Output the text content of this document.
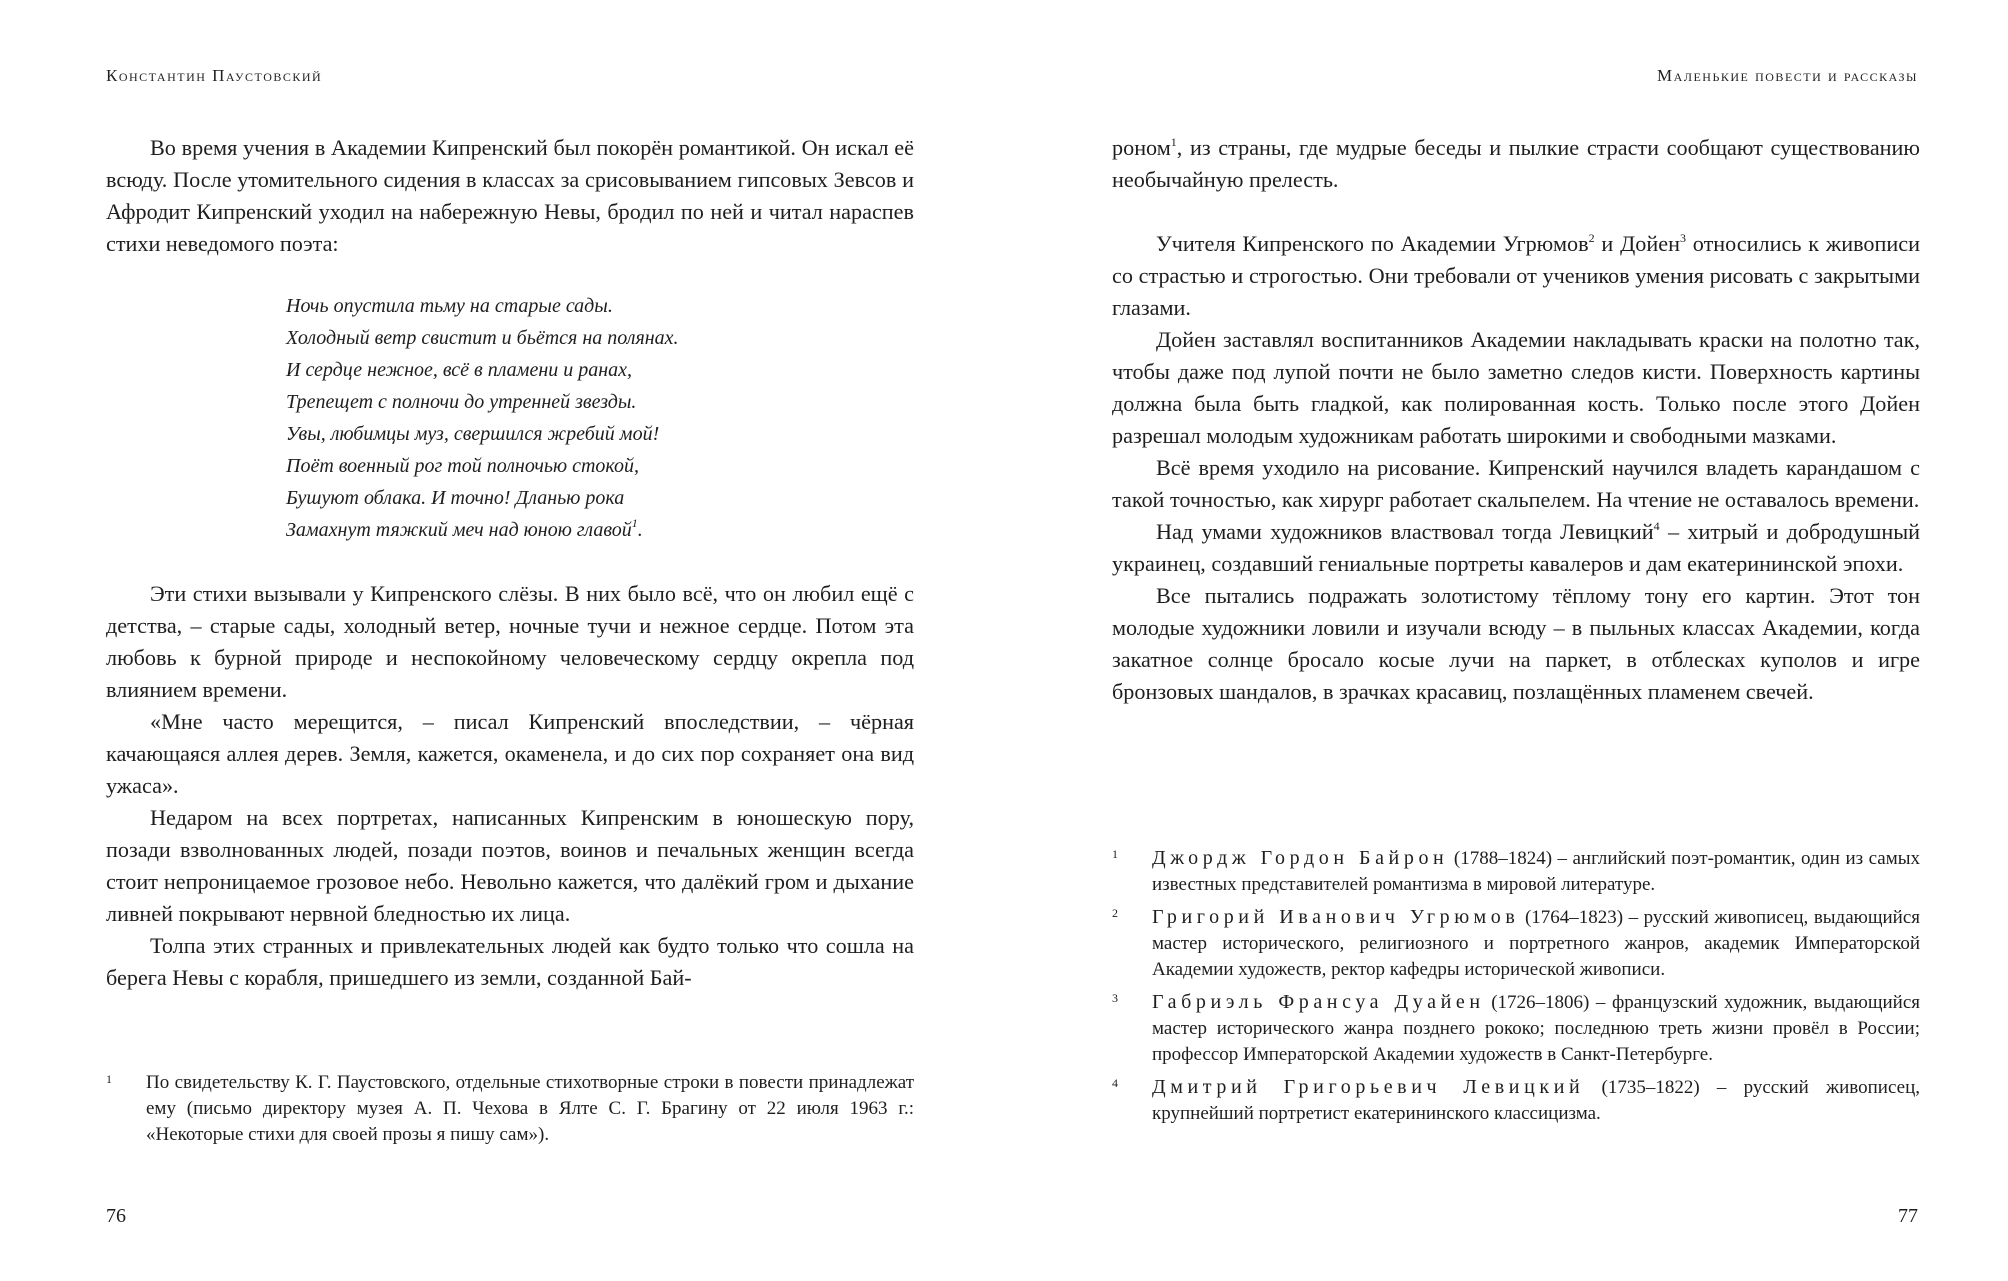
Константин Паустовский

Во время учения в Академии Кипренский был покорён романтикой. Он искал её всюду. После утомительного сидения в классах за срисовыванием гипсовых Зевсов и Афродит Кипренский уходил на набережную Невы, бродил по ней и читал нараспев стихи неведомого поэта:

Ночь опустила тьму на старые сады.
Холодный ветр свистит и бьётся на полянах.
И сердце нежное, всё в пламени и ранах,
Трепещет с полночи до утренней звезды.
Увы, любимцы муз, свершился жребий мой!
Поёт военный рог той полночью стокой,
Бушуют облака. И точно! Дланью рока
Замахнут тяжкий меч над юною главой$^1$.

Эти стихи вызывали у Кипренского слёзы. В них было всё, что он любил ещё с детства, – старые сады, холодный ветер, ночные тучи и нежное сердце. Потом эта любовь к бурной природе и неспокойному человеческому сердцу окрепла под влиянием времени.

«Мне часто мерещится, – писал Кипренский впоследствии, – чёрная качающаяся аллея дерев. Земля, кажется, окаменела, и до сих пор сохраняет она вид ужаса».

Недаром на всех портретах, написанных Кипренским в юношескую пору, позади взволнованных людей, позади поэтов, воинов и печальных женщин всегда стоит непроницаемое грозовое небо. Невольно кажется, что далёкий гром и дыхание ливней покрывают нервной бледностью их лица.

Толпа этих странных и привлекательных людей как будто только что сошла на берега Невы с корабля, пришедшего из земли, созданной Бай-

1 По свидетельству К. Г. Паустовского, отдельные стихотворные строки в повести принадлежат ему (письмо директору музея А. П. Чехова в Ялте С. Г. Брагину от 22 июля 1963 г.: «Некоторые стихи для своей прозы я пишу сам»).
76
Маленькие повести и рассказы

роном$^1$, из страны, где мудрые беседы и пылкие страсти сообщают существованию необычайную прелесть.

Учителя Кипренского по Академии Угрюмов$^2$ и Дойен$^3$ относились к живописи со страстью и строгостью. Они требовали от учеников умения рисовать с закрытыми глазами.

Дойен заставлял воспитанников Академии накладывать краски на полотно так, чтобы даже под лупой почти не было заметно следов кисти. Поверхность картины должна была быть гладкой, как полированная кость. Только после этого Дойен разрешал молодым художникам работать широкими и свободными мазками.

Всё время уходило на рисование. Кипренский научился владеть карандашом с такой точностью, как хирург работает скальпелем. На чтение не оставалось времени.

Над умами художников властвовал тогда Левицкий$^4$ – хитрый и добродушный украинец, создавший гениальные портреты кавалеров и дам екатерининской эпохи.

Все пытались подражать золотистому тёплому тону его картин. Этот тон молодые художники ловили и изучали всюду – в пыльных классах Академии, когда закатное солнце бросало косые лучи на паркет, в отблесках куполов и игре бронзовых шандалов, в зрачках красавиц, позлащённых пламенем свечей.

1 Джордж Гордон Байрон (1788–1824) – английский поэт-романтик, один из самых известных представителей романтизма в мировой литературе.
2 Григорий Иванович Угрюмов (1764–1823) – русский живописец, выдающийся мастер исторического, религиозного и портретного жанров, академик Императорской Академии художеств, ректор кафедры исторической живописи.
3 Габриэль Франсуа Дуайен (1726–1806) – французский художник, выдающийся мастер исторического жанра позднего рококо; последнюю треть жизни провёл в России; профессор Императорской Академии художеств в Санкт-Петербурге.
4 Дмитрий Григорьевич Левицкий (1735–1822) – русский живописец, крупнейший портретист екатерининского классицизма.
77
